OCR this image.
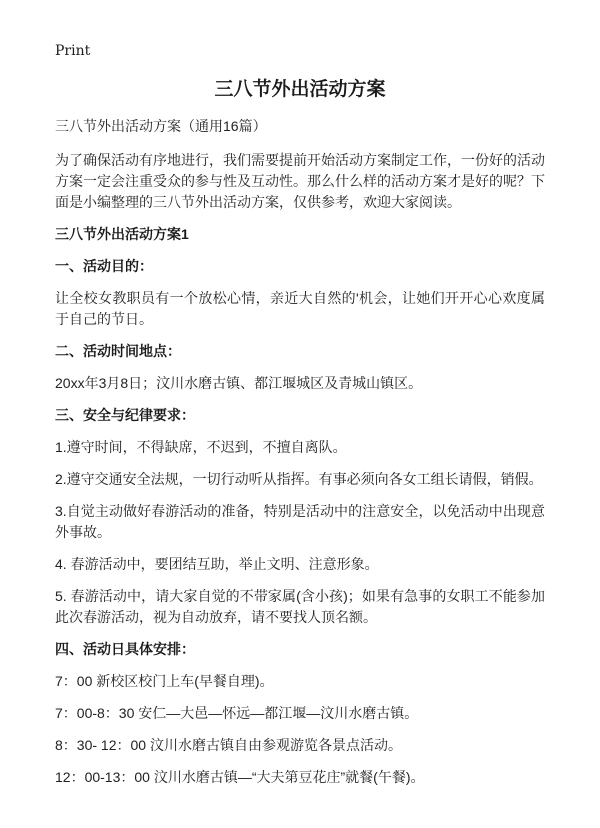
Print
三八节外出活动方案
三八节外出活动方案（通用16篇）
为了确保活动有序地进行，我们需要提前开始活动方案制定工作，一份好的活动方案一定会注重受众的参与性及互动性。那么什么样的活动方案才是好的呢？下面是小编整理的三八节外出活动方案，仅供参考，欢迎大家阅读。
三八节外出活动方案1
一、活动目的：
让全校女教职员有一个放松心情，亲近大自然的'机会，让她们开开心心欢度属于自己的节日。
二、活动时间地点：
20xx年3月8日；汶川水磨古镇、都江堰城区及青城山镇区。
三、安全与纪律要求：
1.遵守时间，不得缺席，不迟到，不擅自离队。
2.遵守交通安全法规，一切行动听从指挥。有事必须向各女工组长请假，销假。
3.自觉主动做好春游活动的准备，特别是活动中的注意安全，以免活动中出现意外事故。
4. 春游活动中，要团结互助，举止文明、注意形象。
5. 春游活动中，请大家自觉的不带家属(含小孩)；如果有急事的女职工不能参加此次春游活动，视为自动放弃，请不要找人顶名额。
四、活动日具体安排：
7：00 新校区校门上车(早餐自理)。
7：00-8：30 安仁—大邑—怀远—都江堰—汶川水磨古镇。
8：30- 12：00 汶川水磨古镇自由参观游览各景点活动。
12：00-13：00 汶川水磨古镇—“大夫第豆花庄”就餐(午餐)。
